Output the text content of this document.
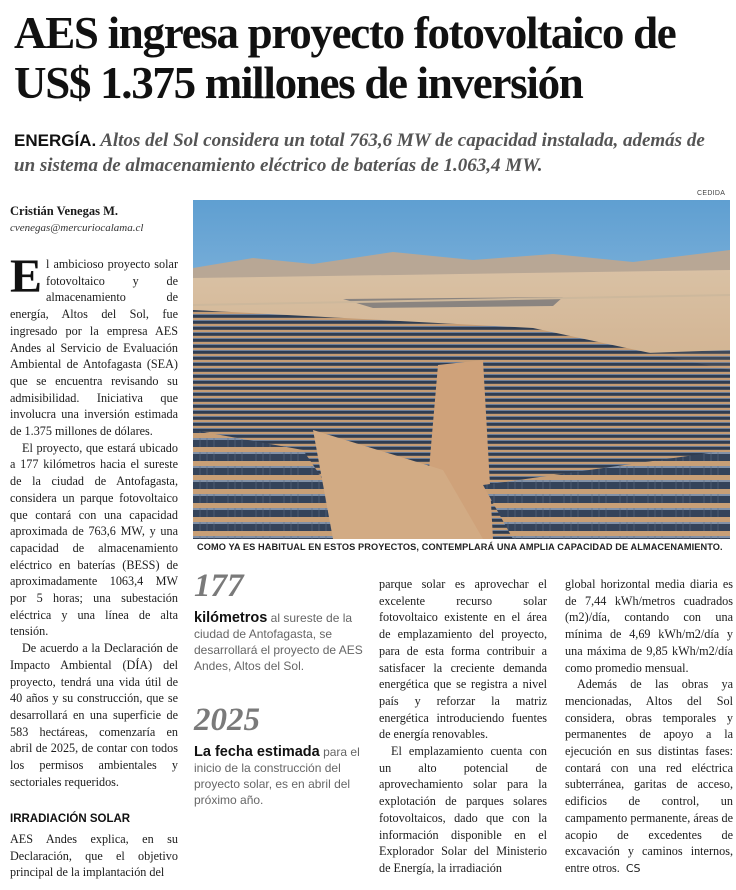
AES ingresa proyecto fotovoltaico de US$ 1.375 millones de inversión

ENERGÍA. Altos del Sol considera un total 763,6 MW de capacidad instalada, además de un sistema de almacenamiento eléctrico de baterías de 1.063,4 MW.

CEDIDA
Cristián Venegas M.
cvenegas@mercuriocalama.cl

El ambicioso proyecto solar fotovoltaico y de almacenamiento de energía, Altos del Sol, fue ingresado por la empresa AES Andes al Servicio de Evaluación Ambiental de Antofagasta (SEA) que se encuentra revisando su admisibilidad. Iniciativa que involucra una inversión estimada de 1.375 millones de dólares.

El proyecto, que estará ubicado a 177 kilómetros hacia el sureste de la ciudad de Antofagasta, considera un parque fotovoltaico que contará con una capacidad aproximada de 763,6 MW, y una capacidad de almacenamiento eléctrico en baterías (BESS) de aproximadamente 1063,4 MW por 5 horas; una subestación eléctrica y una línea de alta tensión.

De acuerdo a la Declaración de Impacto Ambiental (DÍA) del proyecto, tendrá una vida útil de 40 años y su construcción, que se desarrollará en una superficie de 583 hectáreas, comenzaría en abril de 2025, de contar con todos los permisos ambientales y sectoriales requeridos.

IRRADIACIÓN SOLAR

AES Andes explica, en su Declaración, que el objetivo principal de la implantación del

COMO YA ES HABITUAL EN ESTOS PROYECTOS, CONTEMPLARÁ UNA AMPLIA CAPACIDAD DE ALMACENAMIENTO.
177
kilómetros al sureste de la ciudad de Antofagasta, se desarrollará el proyecto de AES Andes, Altos del Sol.
2025
La fecha estimada para el inicio de la construcción del proyecto solar, es en abril del próximo año.

parque solar es aprovechar el excelente recurso solar fotovoltaico existente en el área de emplazamiento del proyecto, para de esta forma contribuir a satisfacer la creciente demanda energética que se registra a nivel país y reforzar la matriz energética introduciendo fuentes de energía renovables.

El emplazamiento cuenta con un alto potencial de aprovechamiento solar para la explotación de parques solares fotovoltaicos, dado que con la información disponible en el Explorador Solar del Ministerio de Energía, la irradiación

global horizontal media diaria es de 7,44 kWh/metros cuadrados (m2)/día, contando con una mínima de 4,69 kWh/m2/día y una máxima de 9,85 kWh/m2/día como promedio mensual.

Además de las obras ya mencionadas, Altos del Sol considera, obras temporales y permanentes de apoyo a la ejecución en sus distintas fases: contará con una red eléctrica subterránea, garitas de acceso, edificios de control, un campamento permanente, áreas de acopio de excedentes de excavación y caminos internos, entre otros. CS
